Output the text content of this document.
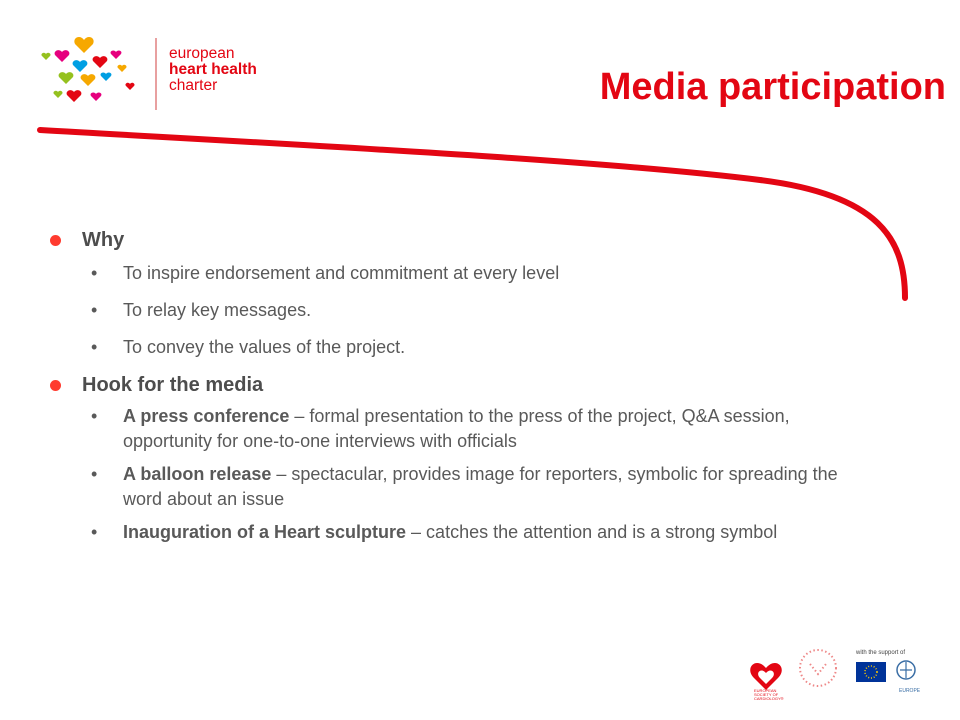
european
heart health
charter	Media participation
Why
• To inspire endorsement and commitment at every level
• To relay key messages.
• To convey the values of the project.
Hook for the media
• A press conference – formal presentation to the press of the project, Q&A session, opportunity for one-to-one interviews with officials
• A balloon release – spectacular, provides image for reporters, symbolic for spreading the word about an issue
• Inauguration of a Heart sculpture – catches the attention and is a strong symbol
EUROPEAN
SOCIETY OF
CARDIOLOGY®
with the support of
EUROPE
